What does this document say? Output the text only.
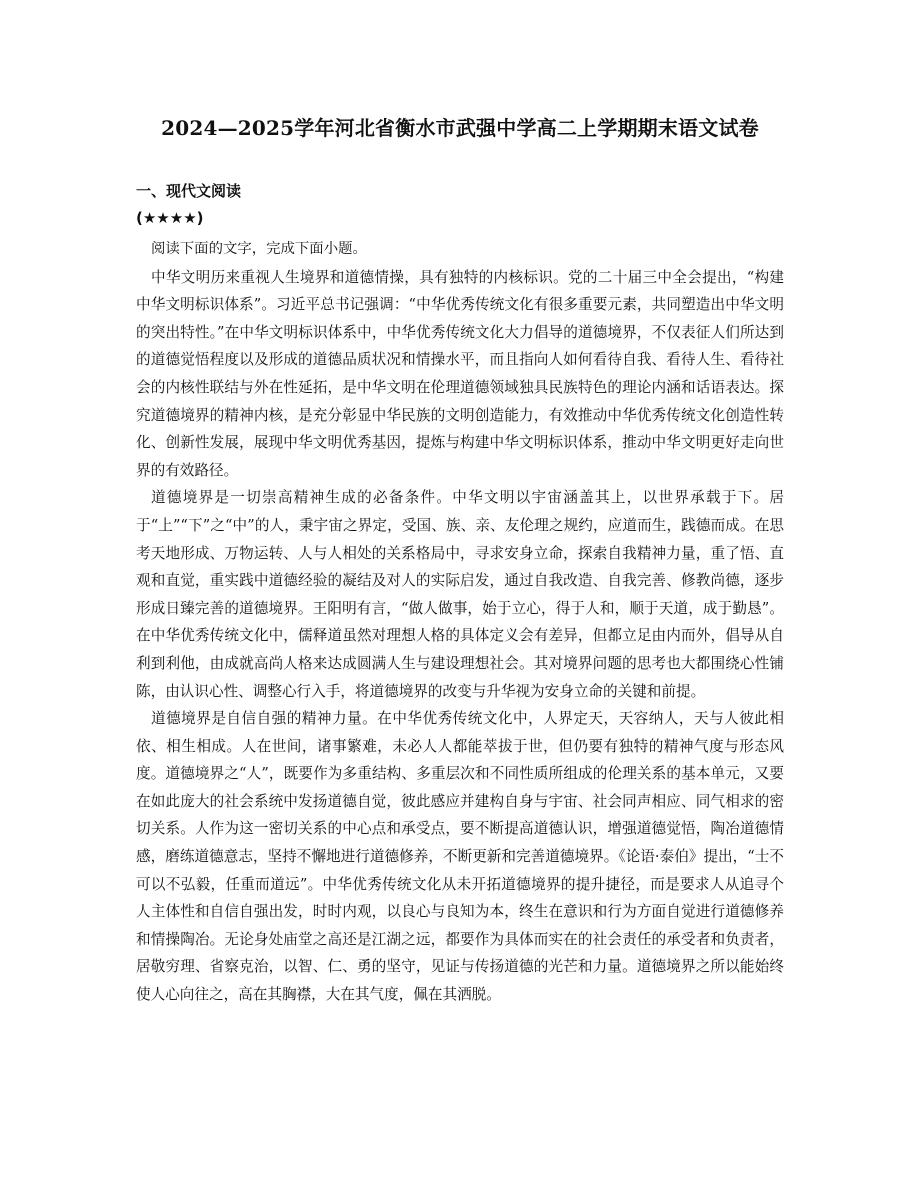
2024—2025学年河北省衡水市武强中学高二上学期期末语文试卷
一、现代文阅读
(★★★★)

阅读下面的文字，完成下面小题。

中华文明历来重视人生境界和道德情操，具有独特的内核标识。党的二十届三中全会提出，“构建中华文明标识体系”。习近平总书记强调：“中华优秀传统文化有很多重要元素，共同塑造出中华文明的突出特性。”在中华文明标识体系中，中华优秀传统文化大力倡导的道德境界，不仅表征人们所达到的道德觉悟程度以及形成的道德品质状况和情操水平，而且指向人如何看待自我、看待人生、看待社会的内核性联结与外在性延拓，是中华文明在伦理道德领域独具民族特色的理论内涵和话语表达。探究道德境界的精神内核，是充分彰显中华民族的文明创造能力，有效推动中华优秀传统文化创造性转化、创新性发展，展现中华文明优秀基因，提炼与构建中华文明标识体系，推动中华文明更好走向世界的有效路径。

道德境界是一切崇高精神生成的必备条件。中华文明以宇宙涵盖其上，以世界承载于下。居于“上”“下”之“中”的人，秉宇宙之界定，受国、族、亲、友伦理之规约，应道而生，践德而成。在思考天地形成、万物运转、人与人相处的关系格局中，寻求安身立命，探索自我精神力量，重了悟、直观和直觉，重实践中道德经验的凝结及对人的实际启发，通过自我改造、自我完善、修教尚德，逐步形成日臻完善的道德境界。王阳明有言，“做人做事，始于立心，得于人和，顺于天道，成于勤恳”。在中华优秀传统文化中，儒释道虽然对理想人格的具体定义会有差异，但都立足由内而外，倡导从自利到利他，由成就高尚人格来达成圆满人生与建设理想社会。其对境界问题的思考也大都围绕心性铺陈，由认识心性、调整心行入手，将道德境界的改变与升华视为安身立命的关键和前提。

道德境界是自信自强的精神力量。在中华优秀传统文化中，人界定天，天容纳人，天与人彼此相依、相生相成。人在世间，诸事繁难，未必人人都能萃拔于世，但仍要有独特的精神气度与形态风度。道德境界之“人”，既要作为多重结构、多重层次和不同性质所组成的伦理关系的基本单元，又要在如此庞大的社会系统中发扬道德自觉，彼此感应并建构自身与宇宙、社会同声相应、同气相求的密切关系。人作为这一密切关系的中心点和承受点，要不断提高道德认识，增强道德觉悟，陶冶道德情感，磨练道德意志，坚持不懈地进行道德修养，不断更新和完善道德境界。《论语·泰伯》提出，“士不可以不弘毅，任重而道远”。中华优秀传统文化从未开拓道德境界的提升捷径，而是要求人从追寻个人主体性和自信自强出发，时时内观，以良心与良知为本，终生在意识和行为方面自觉进行道德修养和情操陶冶。无论身处庙堂之高还是江湖之远，都要作为具体而实在的社会责任的承受者和负责者，居敬穷理、省察克治，以智、仁、勇的坚守，见证与传扬道德的光芒和力量。道德境界之所以能始终使人心向往之，高在其胸襟，大在其气度，佩在其洒脱。
